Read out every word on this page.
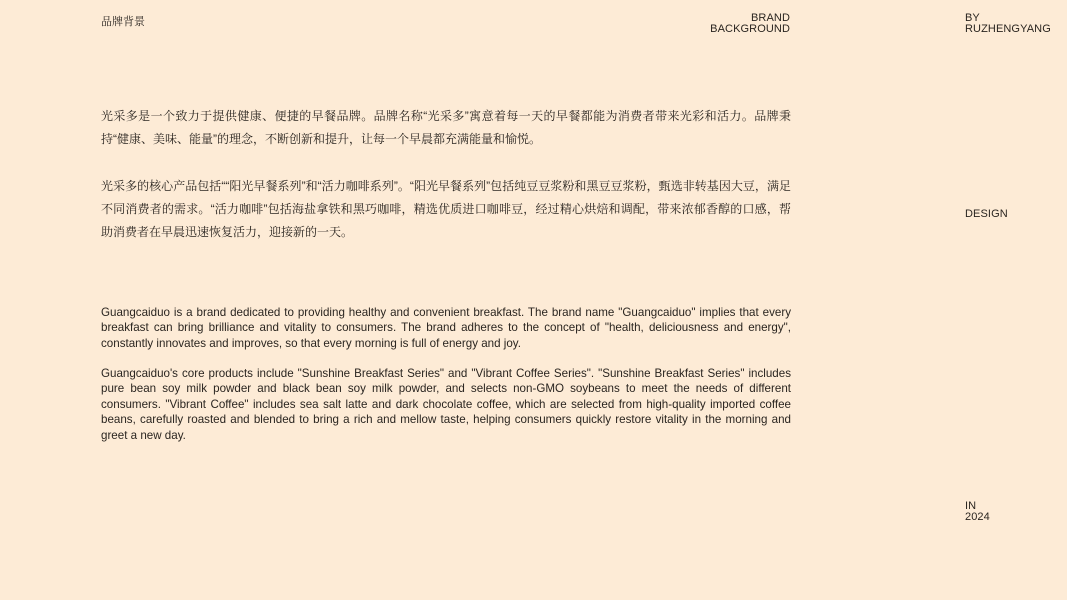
品牌背景	BRAND
BACKGROUND
BY
RUZHENGYANG
DESIGN
IN
2024

光采多是一个致力于提供健康、便捷的早餐品牌。品牌名称“光采多”寓意着每一天的早餐都能为消费者带来光彩和活力。品牌秉持“健康、美味、能量”的理念，不断创新和提升，让每一个早晨都充满能量和愉悦。

光采多的核心产品包括““阳光早餐系列”和“活力咖啡系列”。“阳光早餐系列”包括纯豆豆浆粉和黑豆豆浆粉，甄选非转基因大豆，满足不同消费者的需求。“活力咖啡”包括海盐拿铁和黑巧咖啡，精选优质进口咖啡豆，经过精心烘焙和调配，带来浓郁香醇的口感，帮助消费者在早晨迅速恢复活力，迎接新的一天。

Guangcaiduo is a brand dedicated to providing healthy and convenient breakfast. The brand name "Guangcaiduo" implies that every breakfast can bring brilliance and vitality to consumers. The brand adheres to the concept of "health, deliciousness and energy", constantly innovates and improves, so that every morning is full of energy and joy.

Guangcaiduo's core products include "Sunshine Breakfast Series" and "Vibrant Coffee Series". "Sunshine Breakfast Series" includes pure bean soy milk powder and black bean soy milk powder, and selects non-GMO soybeans to meet the needs of different consumers. "Vibrant Coffee" includes sea salt latte and dark chocolate coffee, which are selected from high-quality imported coffee beans, carefully roasted and blended to bring a rich and mellow taste, helping consumers quickly restore vitality in the morning and greet a new day.
